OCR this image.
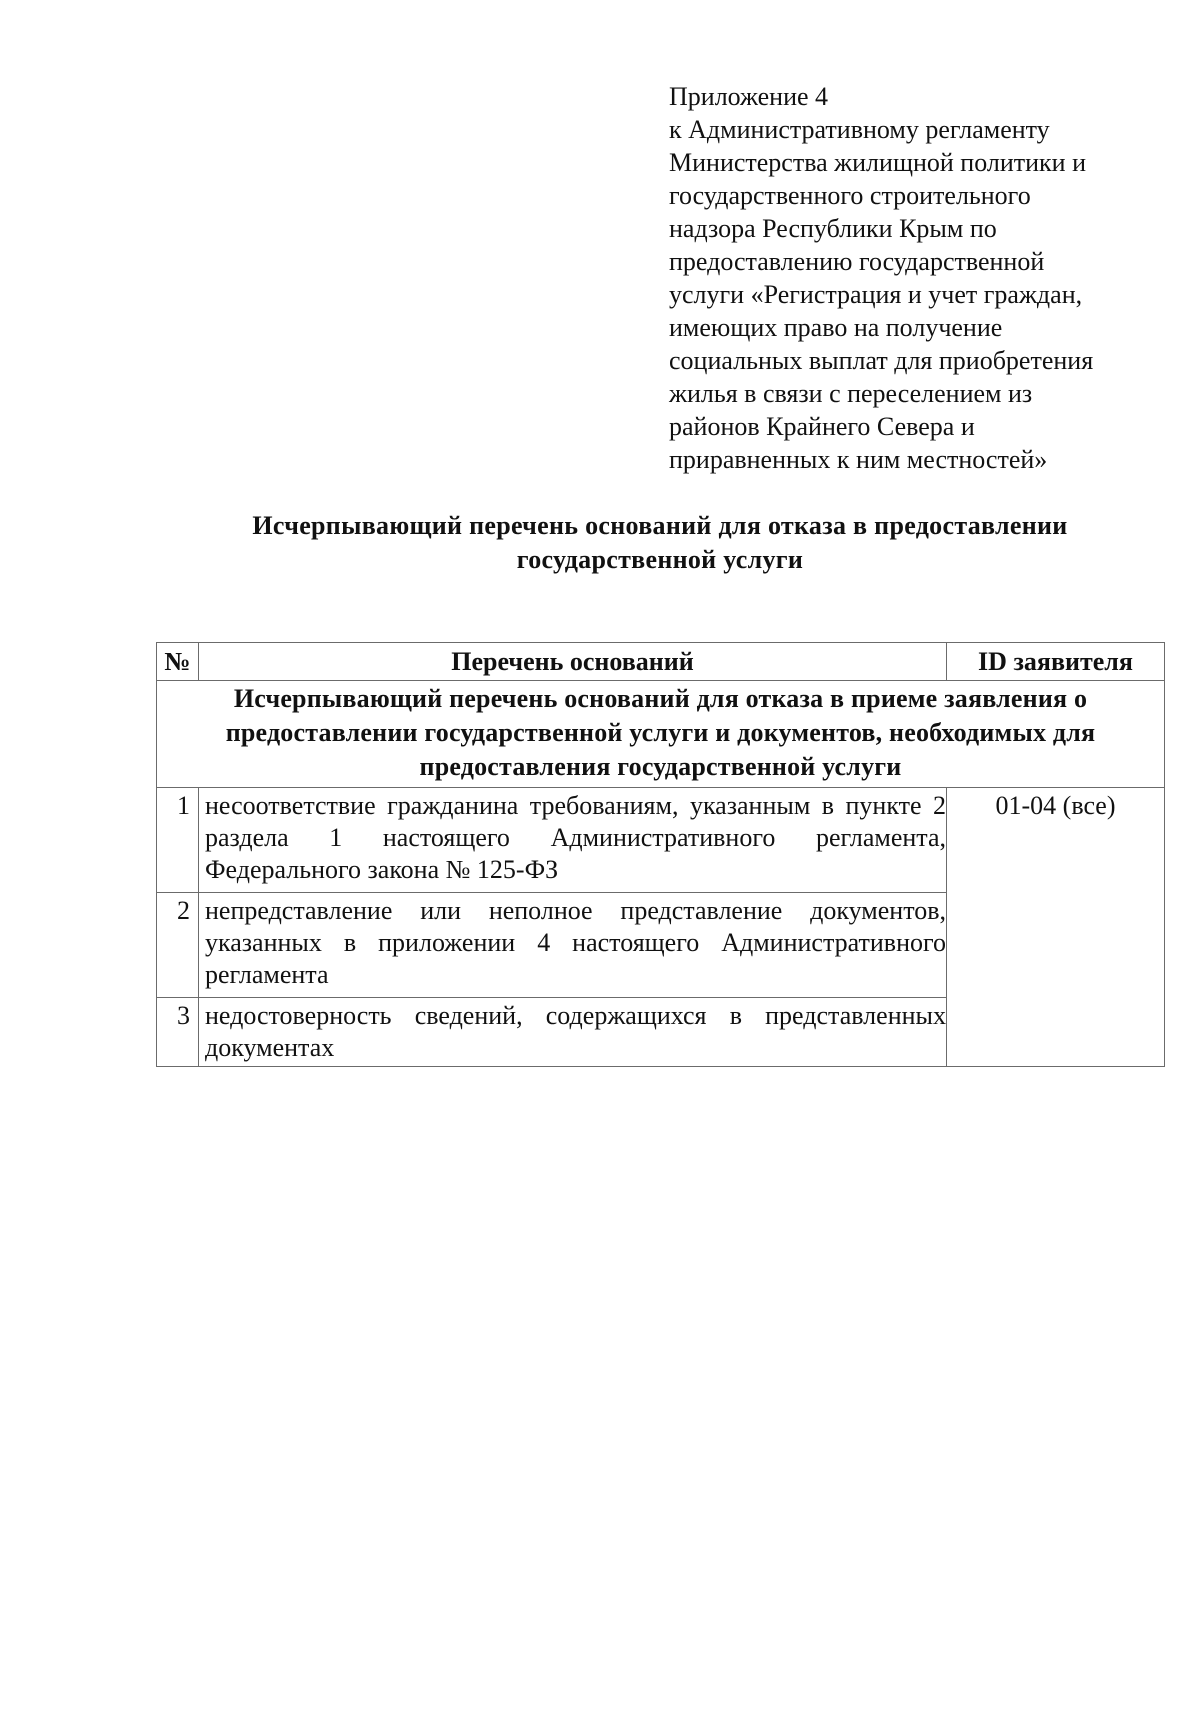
Приложение 4
к Административному регламенту
Министерства жилищной политики и
государственного строительного
надзора Республики Крым по
предоставлению государственной
услуги «Регистрация и учет граждан,
имеющих право на получение
социальных выплат для приобретения
жилья в связи с переселением из
районов Крайнего Севера и
приравненных к ним местностей»
Исчерпывающий перечень оснований для отказа в предоставлении
государственной услуги
№	Перечень оснований	ID заявителя
Исчерпывающий перечень оснований для отказа в приеме заявления о предоставлении государственной услуги и документов, необходимых для предоставления государственной услуги		
1	несоответствие гражданина требованиям, указанным в пункте 2 раздела 1 настоящего Административного регламента, Федерального закона № 125-ФЗ	01-04 (все)
2	непредставление или неполное представление документов, указанных в приложении 4 настоящего Административного регламента	
3	недостоверность сведений, содержащихся в представленных документах	
